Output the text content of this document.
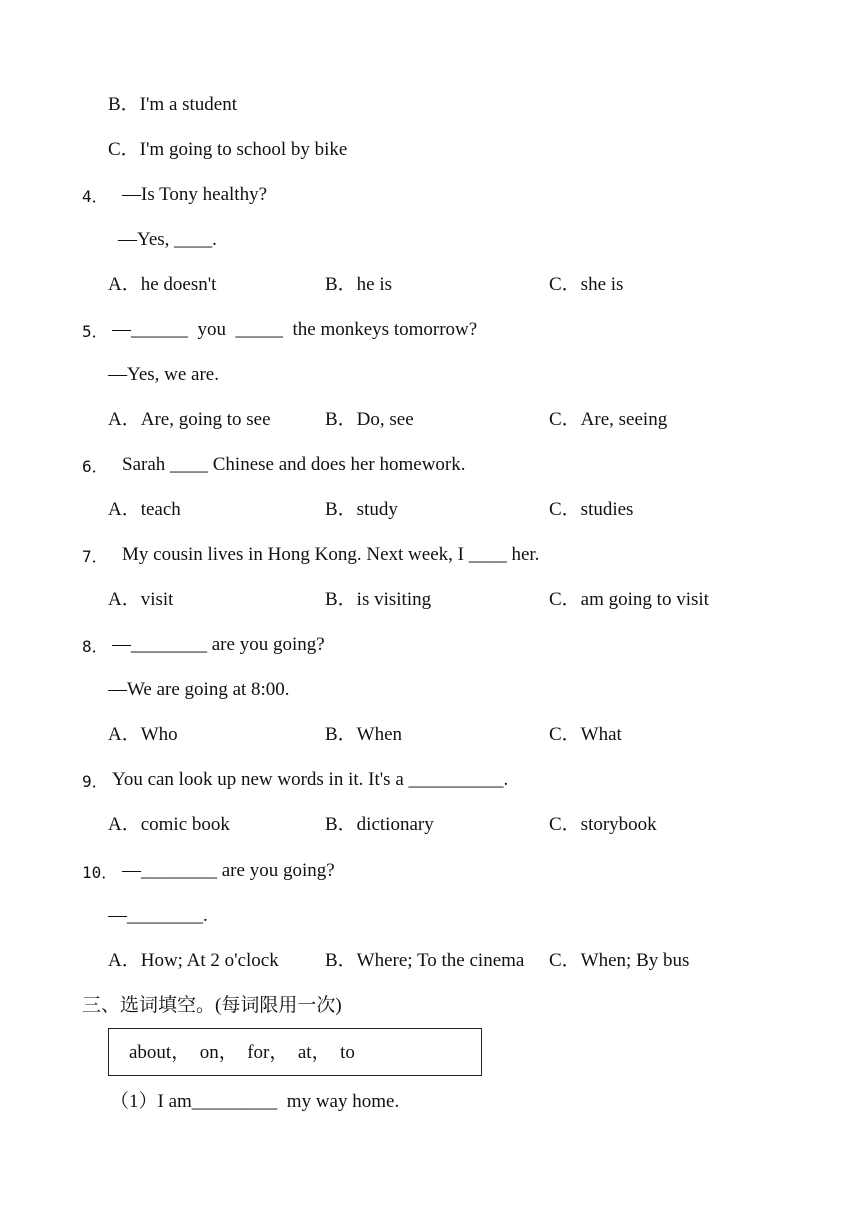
B．I'm a student
C．I'm going to school by bike
4． —Is Tony healthy?
—Yes, ____.
A．he doesn't	B．he is	C．she is
5． —______  you  _____  the monkeys tomorrow?
—Yes, we are.
A．Are, going to see	B．Do, see	C．Are, seeing
6． Sarah ____ Chinese and does her homework.
A．teach	B．study	C．studies
7． My cousin lives in Hong Kong. Next week, I ____ her.
A．visit	B．is visiting	C．am going to visit
8． —________ are you going?
—We are going at 8:00.
A．Who	B．When	C．What
9． You can look up new words in it. It's a __________.
A．comic book	B．dictionary	C．storybook
10． —________ are you going?
—________.
A．How; At 2 o'clock B．Where; To the cinema C．When; By bus
三、选词填空。(每词限用一次)
about，  on，  for，  at，  to
（1）I am_________  my way home.
